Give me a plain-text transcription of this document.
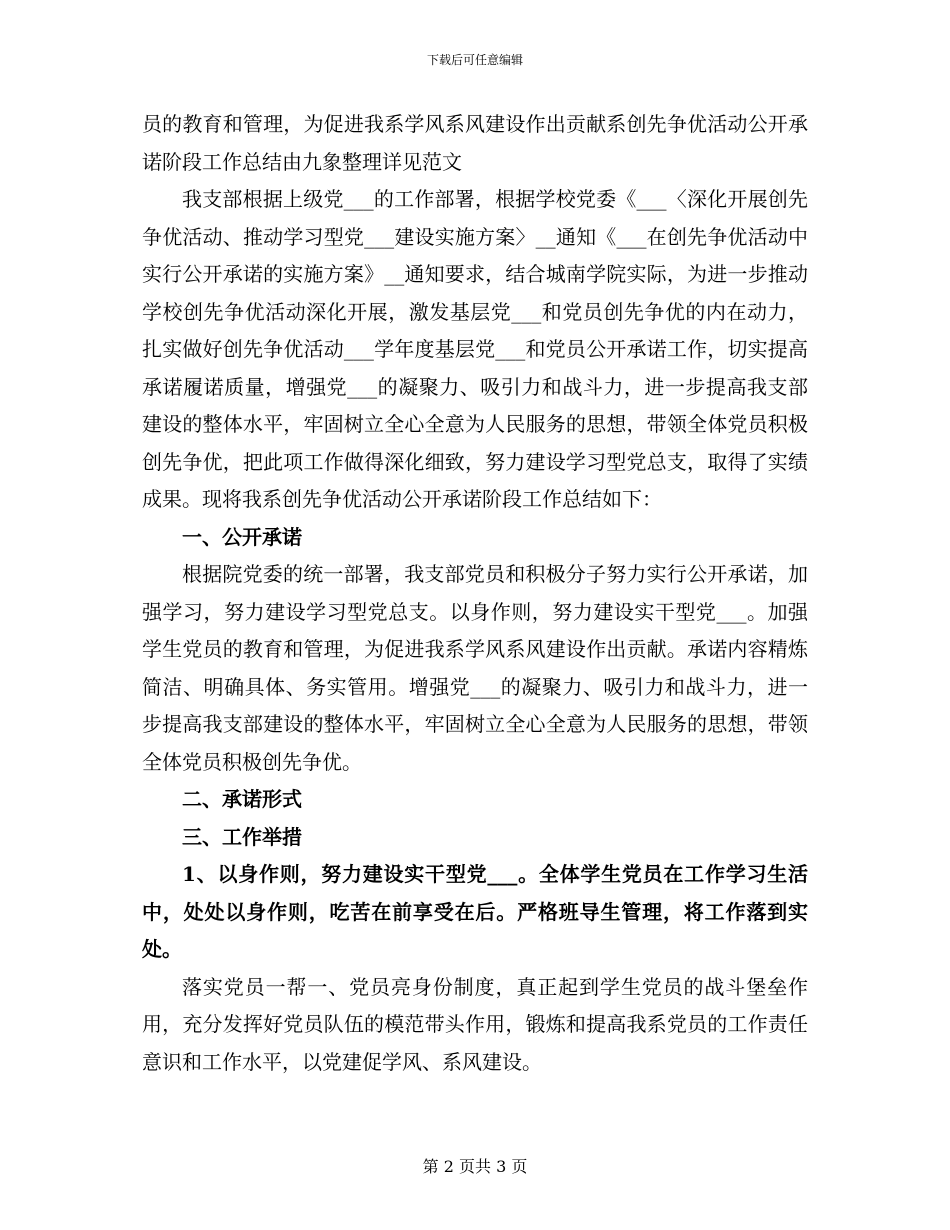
下载后可任意编辑

员的教育和管理，为促进我系学风系风建设作出贡献系创先争优活动公开承诺阶段工作总结由九象整理详见范文

我支部根据上级党___的工作部署，根据学校党委《___〈深化开展创先争优活动、推动学习型党___建设实施方案〉__通知《___在创先争优活动中实行公开承诺的实施方案》__通知要求，结合城南学院实际，为进一步推动学校创先争优活动深化开展，激发基层党___和党员创先争优的内在动力，扎实做好创先争优活动___学年度基层党___和党员公开承诺工作，切实提高承诺履诺质量，增强党___的凝聚力、吸引力和战斗力，进一步提高我支部建设的整体水平，牢固树立全心全意为人民服务的思想，带领全体党员积极创先争优，把此项工作做得深化细致，努力建设学习型党总支，取得了实绩成果。现将我系创先争优活动公开承诺阶段工作总结如下：

一、公开承诺

根据院党委的统一部署，我支部党员和积极分子努力实行公开承诺，加强学习，努力建设学习型党总支。以身作则，努力建设实干型党___。加强学生党员的教育和管理，为促进我系学风系风建设作出贡献。承诺内容精炼简洁、明确具体、务实管用。增强党___的凝聚力、吸引力和战斗力，进一步提高我支部建设的整体水平，牢固树立全心全意为人民服务的思想，带领全体党员积极创先争优。

二、承诺形式

三、工作举措

1、以身作则，努力建设实干型党___。全体学生党员在工作学习生活中，处处以身作则，吃苦在前享受在后。严格班导生管理，将工作落到实处。

落实党员一帮一、党员亮身份制度，真正起到学生党员的战斗堡垒作用，充分发挥好党员队伍的模范带头作用，锻炼和提高我系党员的工作责任意识和工作水平，以党建促学风、系风建设。

第 2 页共 3 页
